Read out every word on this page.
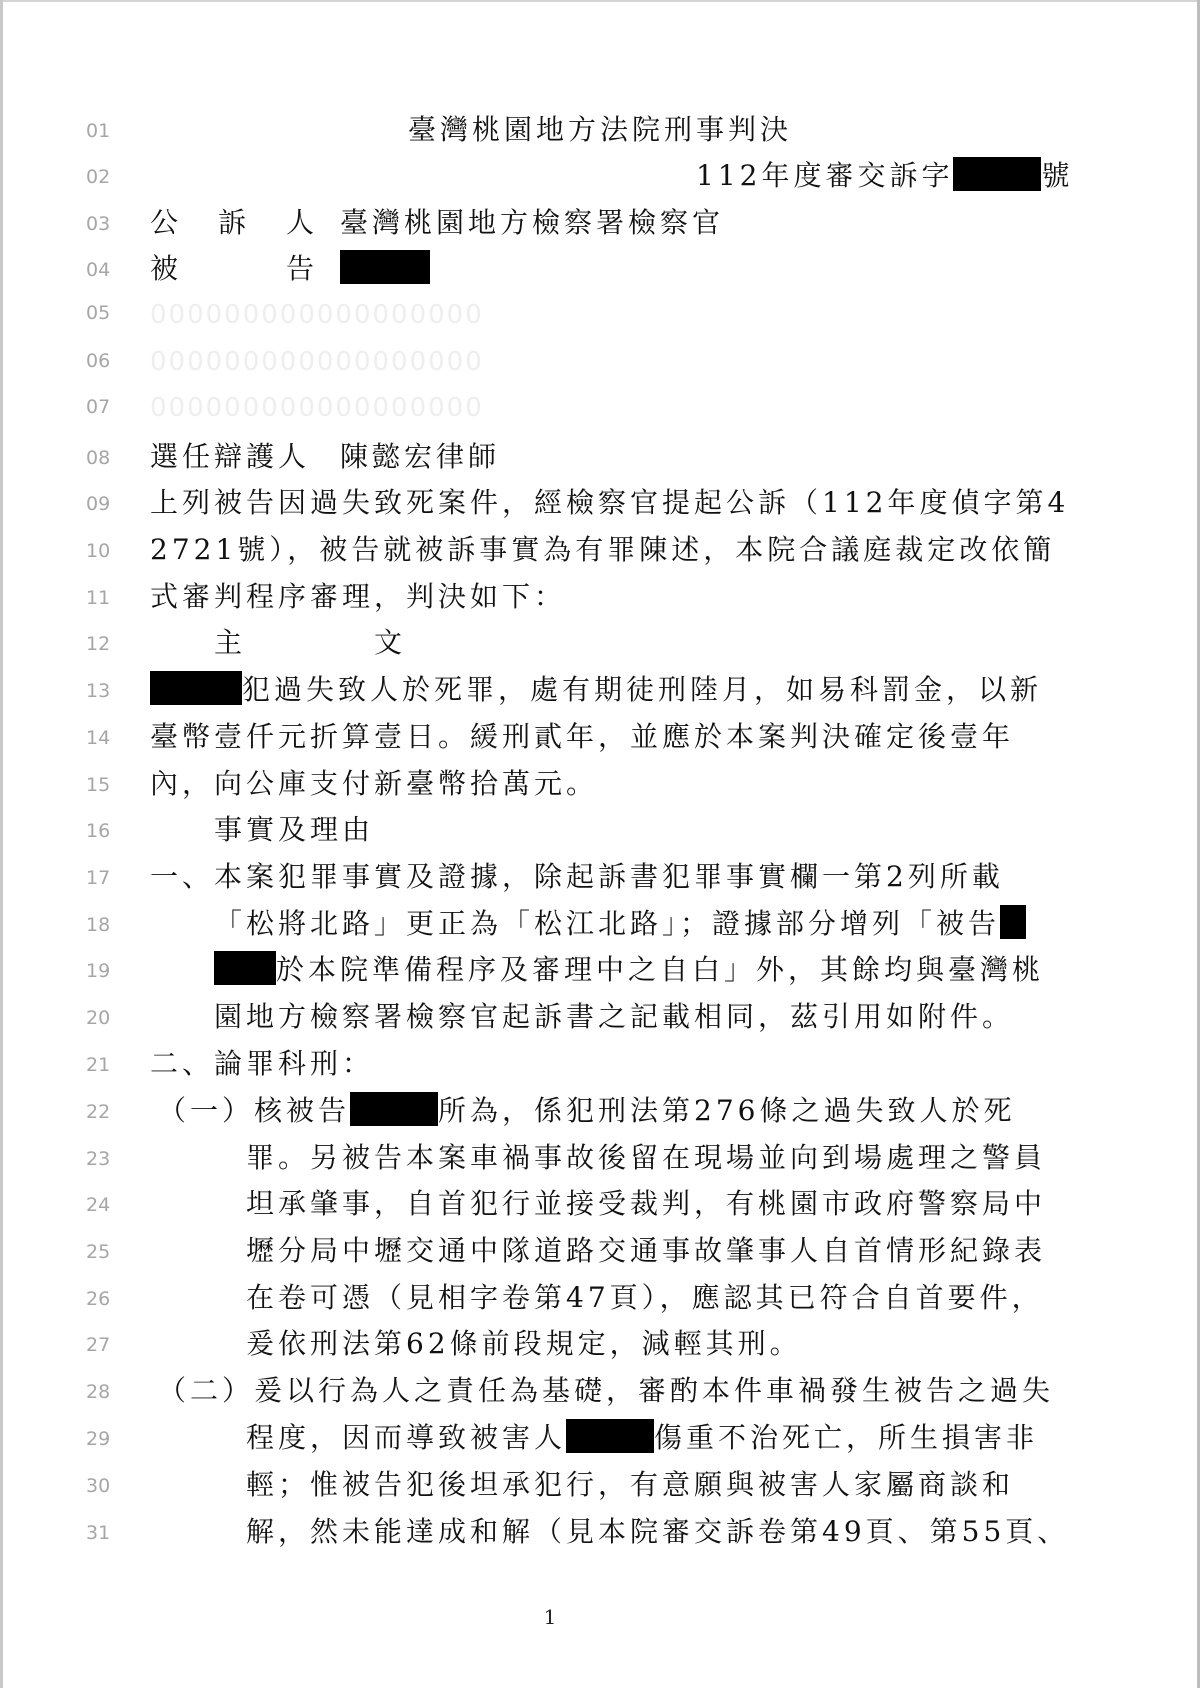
01
02
03
04
05
06
07
08
09
10
11
12
13
14
15
16
17
18
19
20
21
22
23
24
25
26
27
28
29
30
31
臺灣桃園地方法院刑事判決
112年度審交訴字	號
公　訴　人 臺灣桃園地方檢察署檢察官
被　　　告
000000000000000000
000000000000000000
000000000000000000
選任辯護人 陳懿宏律師
上列被告因過失致死案件，經檢察官提起公訴（112年度偵字第4
2721號），被告就被訴事實為有罪陳述，本院合議庭裁定改依簡
式審判程序審理，判決如下：
主　　　文
犯過失致人於死罪，處有期徒刑陸月，如易科罰金，以新
臺幣壹仟元折算壹日。緩刑貳年，並應於本案判決確定後壹年
內，向公庫支付新臺幣拾萬元。
事實及理由
一、本案犯罪事實及證據，除起訴書犯罪事實欄一第2列所載
「松將北路」更正為「松江北路」；證據部分增列「被告
於本院準備程序及審理中之自白」外，其餘均與臺灣桃
園地方檢察署檢察官起訴書之記載相同，茲引用如附件。
二、論罪科刑：
（一）核被告	所為，係犯刑法第276條之過失致人於死
罪。另被告本案車禍事故後留在現場並向到場處理之警員
坦承肇事，自首犯行並接受裁判，有桃園市政府警察局中
壢分局中壢交通中隊道路交通事故肇事人自首情形紀錄表
在卷可憑（見相字卷第47頁），應認其已符合自首要件，
爰依刑法第62條前段規定，減輕其刑。
（二）爰以行為人之責任為基礎，審酌本件車禍發生被告之過失
程度，因而導致被害人	傷重不治死亡，所生損害非
輕；惟被告犯後坦承犯行，有意願與被害人家屬商談和
解，然未能達成和解（見本院審交訴卷第49頁、第55頁、
1
